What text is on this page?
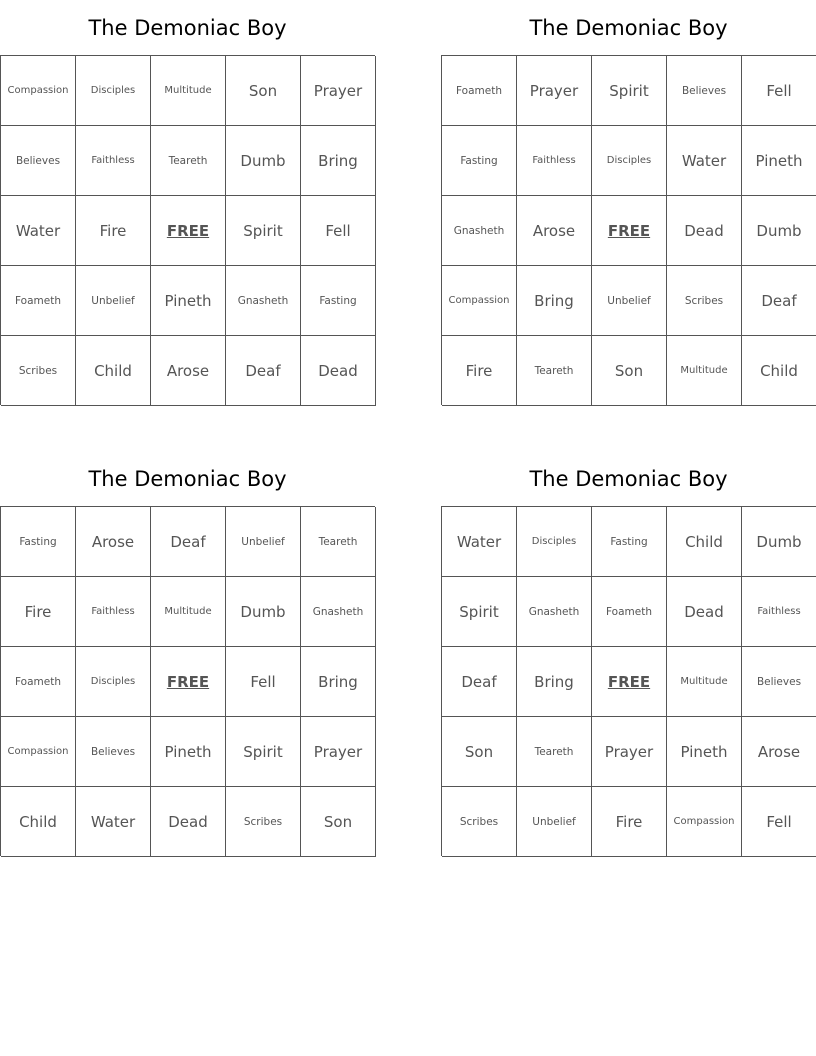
The Demoniac Boy
Compassion	Disciples	Multitude	Son	Prayer
Believes	Faithless	Teareth	Dumb	Bring
Water	Fire	FREE	Spirit	Fell
Foameth	Unbelief	Pineth	Gnasheth	Fasting
Scribes	Child	Arose	Deaf	Dead
The Demoniac Boy
Foameth	Prayer	Spirit	Believes	Fell
Fasting	Faithless	Disciples	Water	Pineth
Gnasheth	Arose	FREE	Dead	Dumb
Compassion	Bring	Unbelief	Scribes	Deaf
Fire	Teareth	Son	Multitude	Child
The Demoniac Boy
Fasting	Arose	Deaf	Unbelief	Teareth
Fire	Faithless	Multitude	Dumb	Gnasheth
Foameth	Disciples	FREE	Fell	Bring
Compassion	Believes	Pineth	Spirit	Prayer
Child	Water	Dead	Scribes	Son
The Demoniac Boy
Water	Disciples	Fasting	Child	Dumb
Spirit	Gnasheth	Foameth	Dead	Faithless
Deaf	Bring	FREE	Multitude	Believes
Son	Teareth	Prayer	Pineth	Arose
Scribes	Unbelief	Fire	Compassion	Fell
